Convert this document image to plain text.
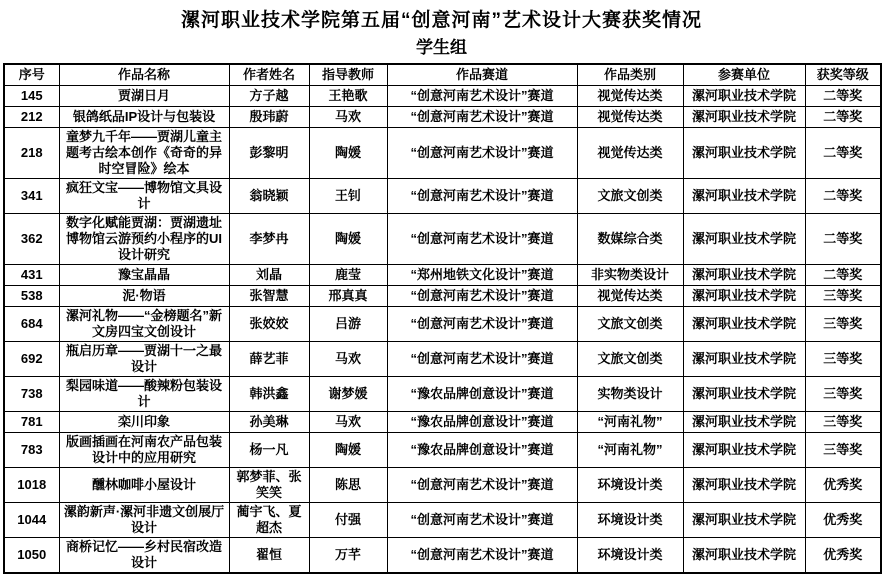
漯河职业技术学院第五届“创意河南”艺术设计大赛获奖情况
学生组
序号	作品名称	作者姓名	指导教师	作品赛道	作品类别	参赛单位	获奖等级
145	贾湖日月	方子越	王艳歌	“创意河南艺术设计”赛道	视觉传达类	漯河职业技术学院	二等奖
212	银鸽纸品IP设计与包装设	殷玮蔚	马欢	“创意河南艺术设计”赛道	视觉传达类	漯河职业技术学院	二等奖
218	童梦九千年——贾湖儿童主题考古绘本创作《奇奇的异时空冒险》绘本	彭黎明	陶媛	“创意河南艺术设计”赛道	视觉传达类	漯河职业技术学院	二等奖
341	疯狂文宝——博物馆文具设计	翁晓颖	王钊	“创意河南艺术设计”赛道	文旅文创类	漯河职业技术学院	二等奖
362	数字化赋能贾湖：贾湖遗址博物馆云游预约小程序的UI设计研究	李梦冉	陶媛	“创意河南艺术设计”赛道	数媒综合类	漯河职业技术学院	二等奖
431	豫宝晶晶	刘晶	鹿莹	“郑州地铁文化设计”赛道	非实物类设计	漯河职业技术学院	二等奖
538	泥·物语	张智慧	邢真真	“创意河南艺术设计”赛道	视觉传达类	漯河职业技术学院	三等奖
684	漯河礼物——“金榜题名”新文房四宝文创设计	张姣姣	吕游	“创意河南艺术设计”赛道	文旅文创类	漯河职业技术学院	三等奖
692	瓶启历章——贾湖十一之最设计	薛艺菲	马欢	“创意河南艺术设计”赛道	文旅文创类	漯河职业技术学院	三等奖
738	梨园味道——酸辣粉包装设计	韩洪鑫	谢梦媛	“豫农品牌创意设计”赛道	实物类设计	漯河职业技术学院	三等奖
781	栾川印象	孙美琳	马欢	“豫农品牌创意设计”赛道	“河南礼物”	漯河职业技术学院	三等奖
783	版画插画在河南农产品包装设计中的应用研究	杨一凡	陶媛	“豫农品牌创意设计”赛道	“河南礼物”	漯河职业技术学院	三等奖
1018	醺林咖啡小屋设计	郭梦菲、张笑笑	陈思	“创意河南艺术设计”赛道	环境设计类	漯河职业技术学院	优秀奖
1044	漯韵新声·漯河非遗文创展厅设计	蔺宇飞、夏超杰	付强	“创意河南艺术设计”赛道	环境设计类	漯河职业技术学院	优秀奖
1050	商桥记忆——乡村民宿改造设计	翟恒	万芊	“创意河南艺术设计”赛道	环境设计类	漯河职业技术学院	优秀奖
